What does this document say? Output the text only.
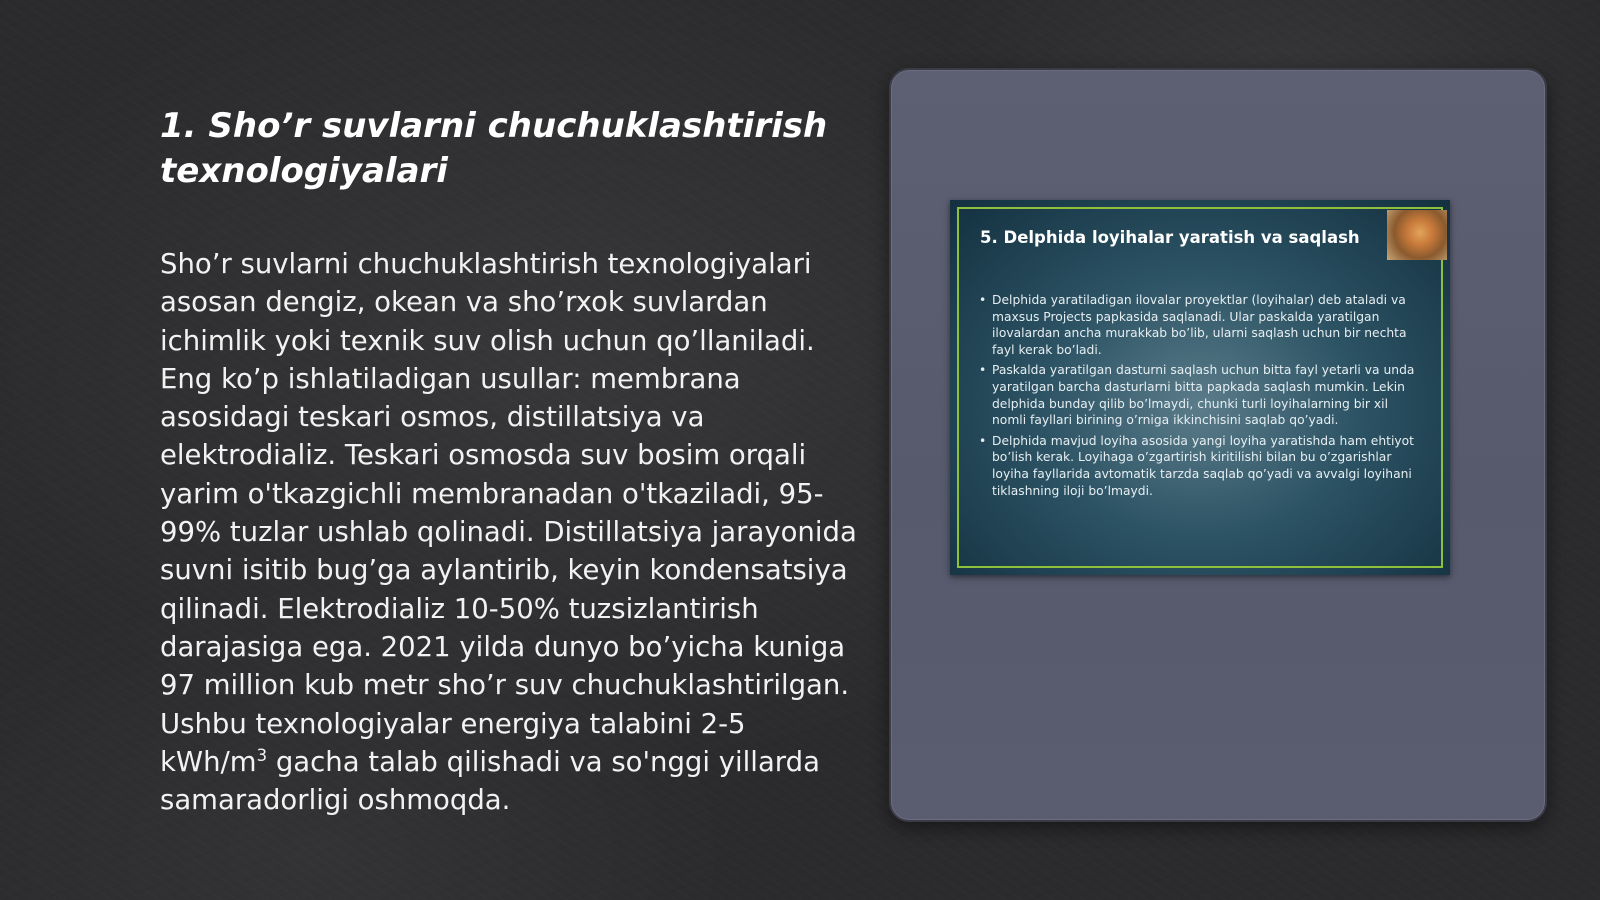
1. Sho’r suvlarni chuchuklashtirish texnologiyalari

Sho’r suvlarni chuchuklashtirish texnologiyalari asosan dengiz, okean va sho’rxok suvlardan ichimlik yoki texnik suv olish uchun qo’llaniladi. Eng ko’p ishlatiladigan usullar: membrana asosidagi teskari osmos, distillatsiya va elektrodializ. Teskari osmosda suv bosim orqali yarim o'tkazgichli membranadan o'tkaziladi, 95-99% tuzlar ushlab qolinadi. Distillatsiya jarayonida suvni isitib bug’ga aylantirib, keyin kondensatsiya qilinadi. Elektrodializ 10-50% tuzsizlantirish darajasiga ega. 2021 yilda dunyo bo’yicha kuniga 97 million kub metr sho’r suv chuchuklashtirilgan. Ushbu texnologiyalar energiya talabini 2-5 kWh/$m^3$ gacha talab qilishadi va so'nggi yillarda samaradorligi oshmoqda.

5. Delphida loyihalar yaratish va saqlash

• Delphida yaratiladigan ilovalar proyektlar (loyihalar) deb ataladi va maxsus Projects papkasida saqlanadi. Ular paskalda yaratilgan ilovalardan ancha murakkab bo’lib, ularni saqlash uchun bir nechta fayl kerak bo’ladi.
• Paskalda yaratilgan dasturni saqlash uchun bitta fayl yetarli va unda yaratilgan barcha dasturlarni bitta papkada saqlash mumkin. Lekin delphida bunday qilib bo’lmaydi, chunki turli loyihalarning bir xil nomli fayllari birining o’rniga ikkinchisini saqlab qo’yadi.
• Delphida mavjud loyiha asosida yangi loyiha yaratishda ham ehtiyot bo’lish kerak. Loyihaga o’zgartirish kiritilishi bilan bu o’zgarishlar loyiha fayllarida avtomatik tarzda saqlab qo’yadi va avvalgi loyihani tiklashning iloji bo’lmaydi.
